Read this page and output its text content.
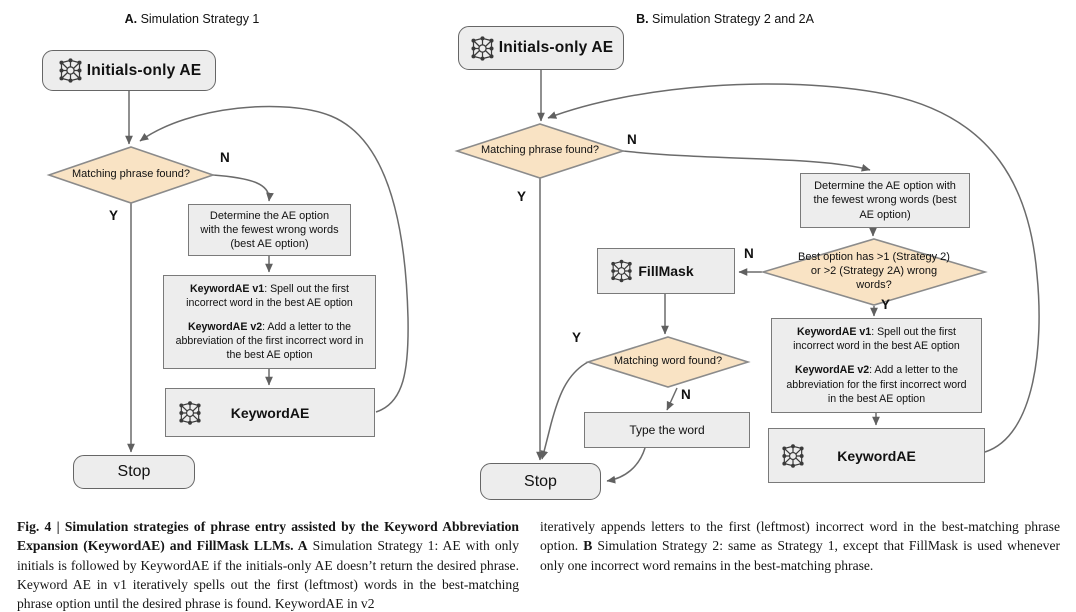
A. Simulation Strategy 1	B. Simulation Strategy 2 and 2A
Initials-only AE
Matching phrase found?
N
Y	Determine the AE option with the fewest wrong words (best AE option)

KeywordAE v1: Spell out the first incorrect word in the best AE option

KeywordAE v2: Add a letter to the abbreviation of the first incorrect word in the best AE option

KeywordAE
Stop
Initials-only AE
Matching phrase found?
N
Y
Determine the AE option with the fewest wrong words (best AE option)
Best option has >1 (Strategy 2) or >2 (Strategy 2A) wrong words?
N
Y
FillMask
Matching word found?
Y
N
Type the word

KeywordAE v1: Spell out the first incorrect word in the best AE option

KeywordAE v2: Add a letter to the abbreviation for the first incorrect word in the best AE option

KeywordAE
Stop
Fig. 4 | Simulation strategies of phrase entry assisted by the Keyword Abbreviation Expansion (KeywordAE) and FillMask LLMs. A Simulation Strategy 1: AE with only initials is followed by KeywordAE if the initials-only AE doesn’t return the desired phrase. Keyword AE in v1 iteratively spells out the first (leftmost) words in the best-matching phrase option until the desired phrase is found. KeywordAE in v2
iteratively appends letters to the first (leftmost) incorrect word in the best-matching phrase option. B Simulation Strategy 2: same as Strategy 1, except that FillMask is used whenever only one incorrect word remains in the best-matching phrase.
